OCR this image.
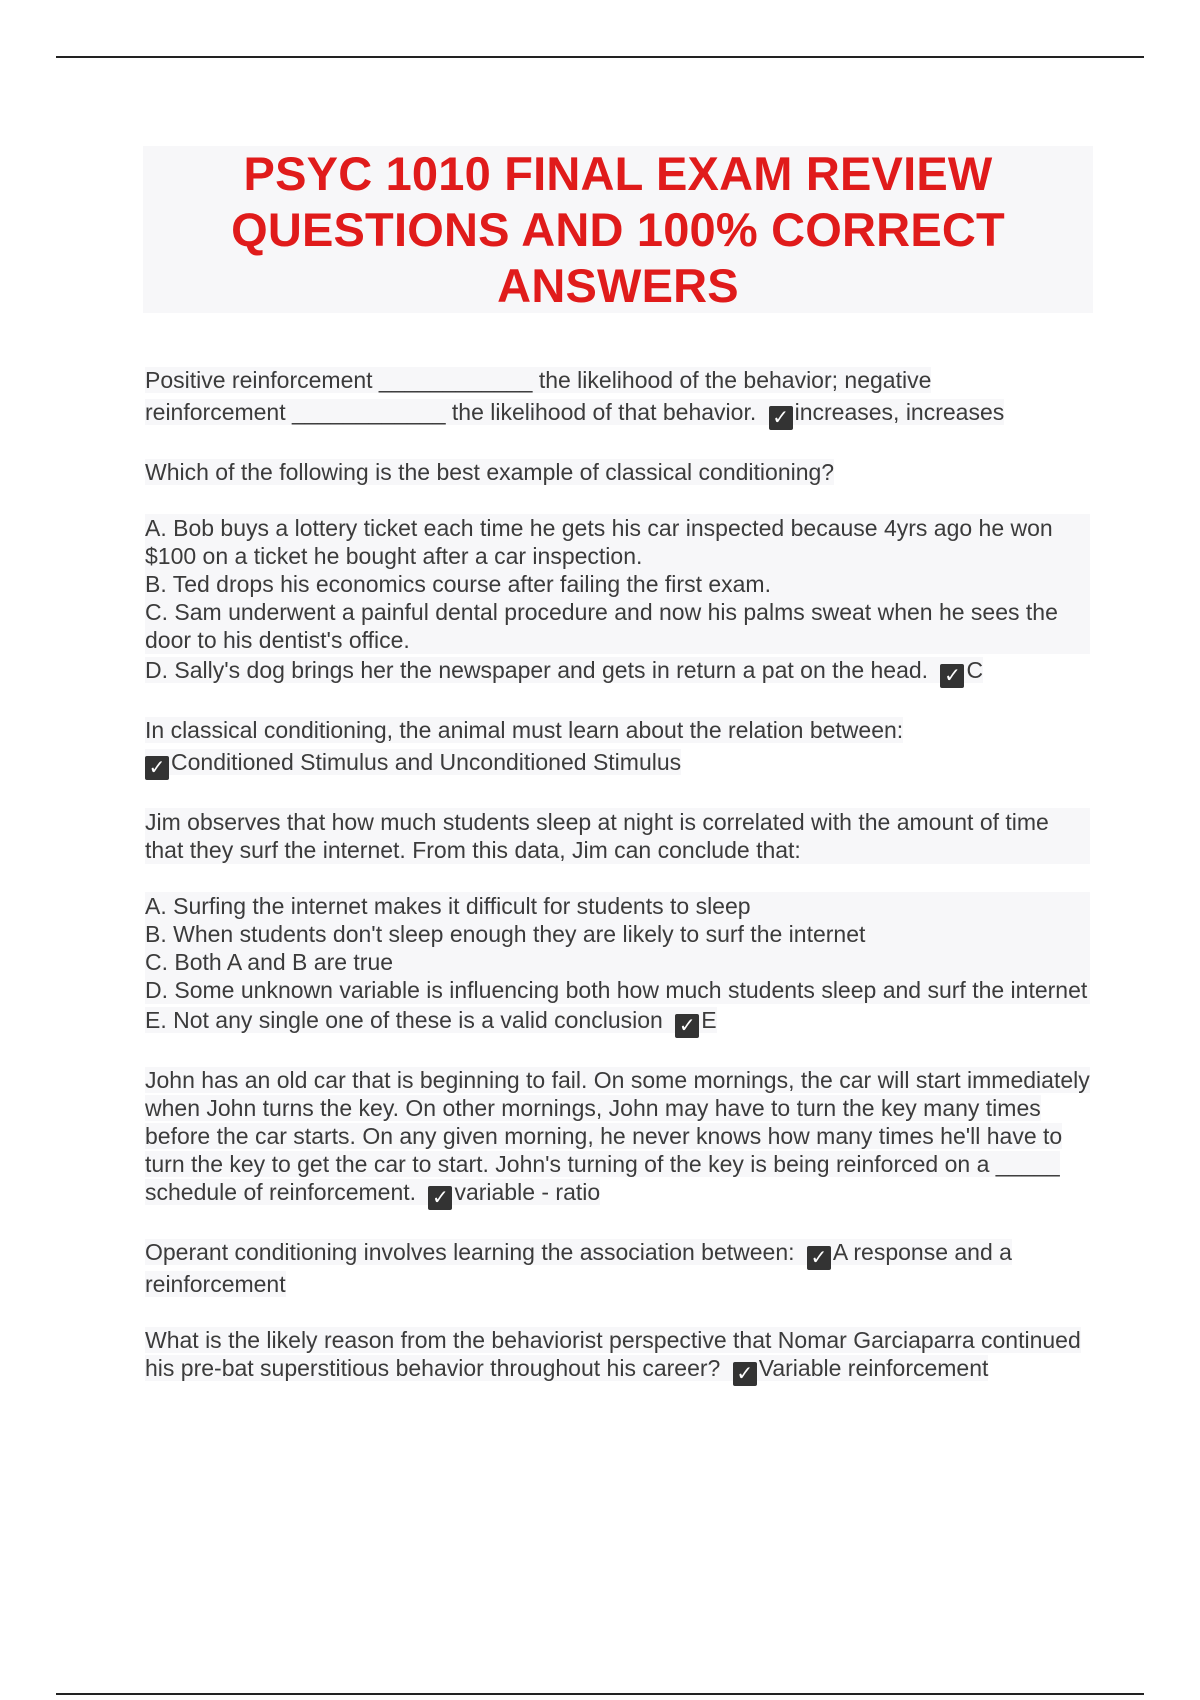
PSYC 1010 FINAL EXAM REVIEW QUESTIONS AND 100% CORRECT ANSWERS
Positive reinforcement ____________ the likelihood of the behavior; negative
reinforcement ____________ the likelihood of that behavior. ✓ increases, increases
Which of the following is the best example of classical conditioning?
A. Bob buys a lottery ticket each time he gets his car inspected because 4yrs ago he won $100 on a ticket he bought after a car inspection.
B. Ted drops his economics course after failing the first exam.
C. Sam underwent a painful dental procedure and now his palms sweat when he sees the door to his dentist's office.
D. Sally's dog brings her the newspaper and gets in return a pat on the head. ✓ C
In classical conditioning, the animal must learn about the relation between:
✓ Conditioned Stimulus and Unconditioned Stimulus
Jim observes that how much students sleep at night is correlated with the amount of time that they surf the internet. From this data, Jim can conclude that:
A. Surfing the internet makes it difficult for students to sleep
B. When students don't sleep enough they are likely to surf the internet
C. Both A and B are true
D. Some unknown variable is influencing both how much students sleep and surf the internet
E. Not any single one of these is a valid conclusion ✓ E
John has an old car that is beginning to fail. On some mornings, the car will start immediately when John turns the key. On other mornings, John may have to turn the key many times before the car starts. On any given morning, he never knows how many times he'll have to turn the key to get the car to start. John's turning of the key is being reinforced on a _____ schedule of reinforcement. ✓ variable - ratio
Operant conditioning involves learning the association between: ✓ A response and a reinforcement
What is the likely reason from the behaviorist perspective that Nomar Garciaparra continued his pre-bat superstitious behavior throughout his career? ✓ Variable reinforcement
